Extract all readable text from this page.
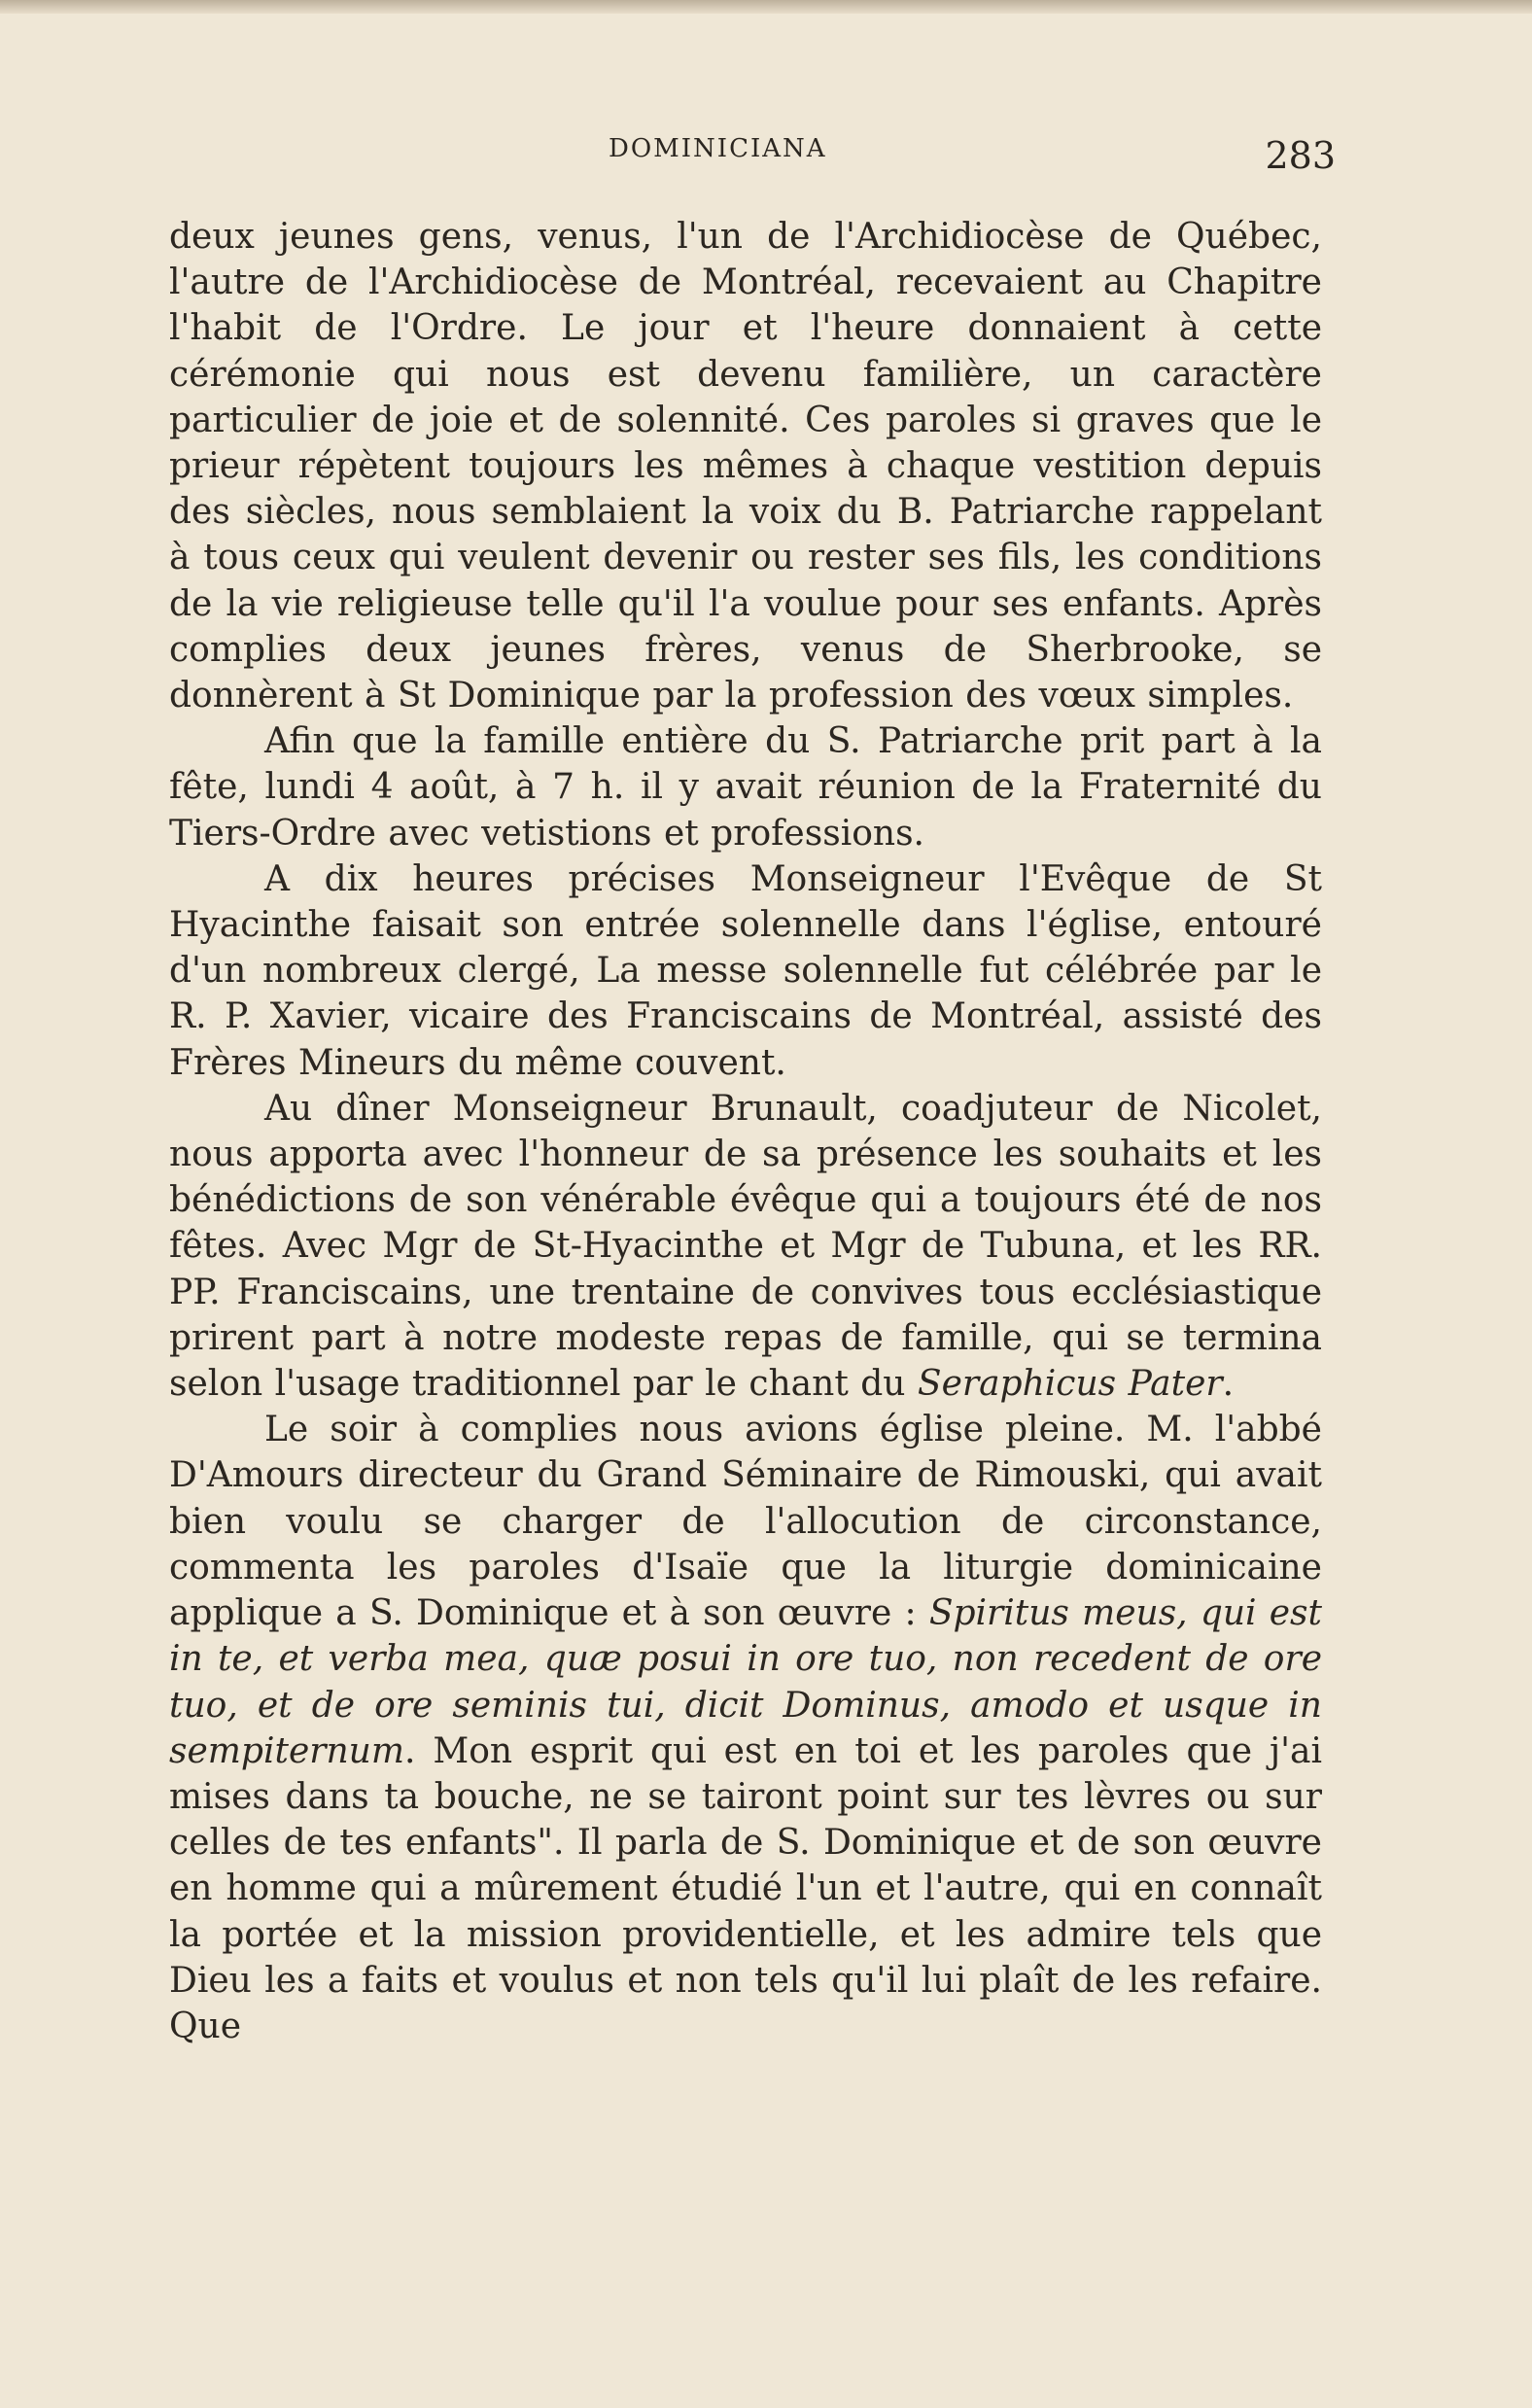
DOMINICIANA	283

deux jeunes gens, venus, l'un de l'Archidiocèse de Québec, l'autre de l'Archidiocèse de Montréal, recevaient au Chapitre l'habit de l'Ordre. Le jour et l'heure donnaient à cette cérémonie qui nous est devenu familière, un caractère particulier de joie et de solennité. Ces paroles si graves que le prieur répètent toujours les mêmes à chaque vestition depuis des siècles, nous semblaient la voix du B. Patriarche rappelant à tous ceux qui veulent devenir ou rester ses fils, les conditions de la vie religieuse telle qu'il l'a voulue pour ses enfants. Après complies deux jeunes frères, venus de Sherbrooke, se donnèrent à St Dominique par la profession des vœux simples.

Afin que la famille entière du S. Patriarche prit part à la fête, lundi 4 août, à 7 h. il y avait réunion de la Fraternité du Tiers-Ordre avec vetistions et professions.

A dix heures précises Monseigneur l'Evêque de St Hyacinthe faisait son entrée solennelle dans l'église, entouré d'un nombreux clergé, La messe solennelle fut célébrée par le R. P. Xavier, vicaire des Franciscains de Montréal, assisté des Frères Mineurs du même couvent.

Au dîner Monseigneur Brunault, coadjuteur de Nicolet, nous apporta avec l'honneur de sa présence les souhaits et les bénédictions de son vénérable évêque qui a toujours été de nos fêtes. Avec Mgr de St-Hyacinthe et Mgr de Tubuna, et les RR. PP. Franciscains, une trentaine de convives tous ecclésiastique prirent part à notre modeste repas de famille, qui se termina selon l'usage traditionnel par le chant du Seraphicus Pater.

Le soir à complies nous avions église pleine. M. l'abbé D'Amours directeur du Grand Séminaire de Rimouski, qui avait bien voulu se charger de l'allocution de circonstance, commenta les paroles d'Isaïe que la liturgie dominicaine applique a S. Dominique et à son œuvre : Spiritus meus, qui est in te, et verba mea, quæ posui in ore tuo, non recedent de ore tuo, et de ore seminis tui, dicit Dominus, amodo et usque in sempiternum. Mon esprit qui est en toi et les paroles que j'ai mises dans ta bouche, ne se tairont point sur tes lèvres ou sur celles de tes enfants". Il parla de S. Dominique et de son œuvre en homme qui a mûrement étudié l'un et l'autre, qui en connaît la portée et la mission providentielle, et les admire tels que Dieu les a faits et voulus et non tels qu'il lui plaît de les refaire. Que
